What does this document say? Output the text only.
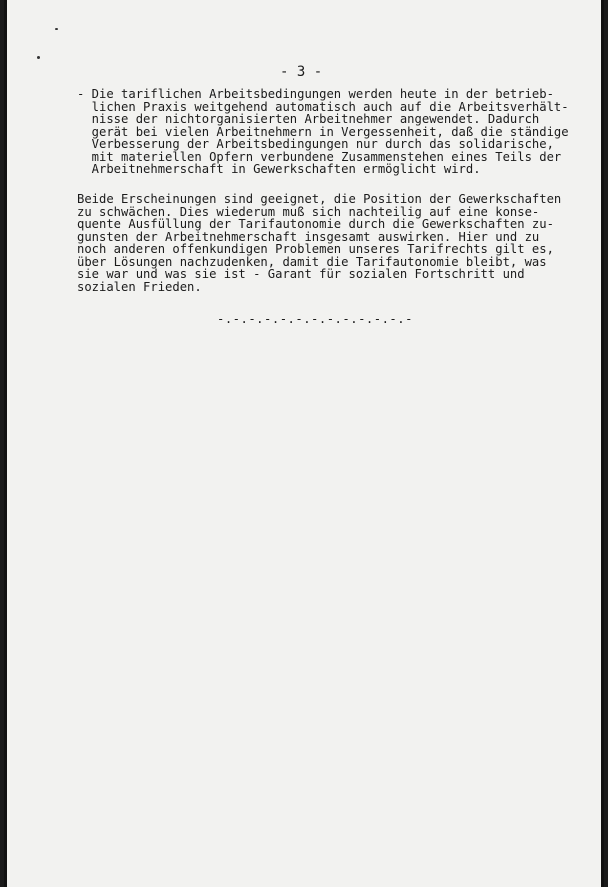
- 3 -
- Die tariflichen Arbeitsbedingungen werden heute in der betrieb-
lichen Praxis weitgehend automatisch auch auf die Arbeitsverhält-
nisse der nichtorganisierten Arbeitnehmer angewendet. Dadurch
gerät bei vielen Arbeitnehmern in Vergessenheit, daß die ständige
Verbesserung der Arbeitsbedingungen nur durch das solidarische,
mit materiellen Opfern verbundene Zusammenstehen eines Teils der
Arbeitnehmerschaft in Gewerkschaften ermöglicht wird.
Beide Erscheinungen sind geeignet, die Position der Gewerkschaften
zu schwächen. Dies wiederum muß sich nachteilig auf eine konse-
quente Ausfüllung der Tarifautonomie durch die Gewerkschaften zu-
gunsten der Arbeitnehmerschaft insgesamt auswirken. Hier und zu
noch anderen offenkundigen Problemen unseres Tarifrechts gilt es,
über Lösungen nachzudenken, damit die Tarifautonomie bleibt, was
sie war und was sie ist - Garant für sozialen Fortschritt und
sozialen Frieden.
-.-.-.-.-.-.-.-.-.-.-.-.-
